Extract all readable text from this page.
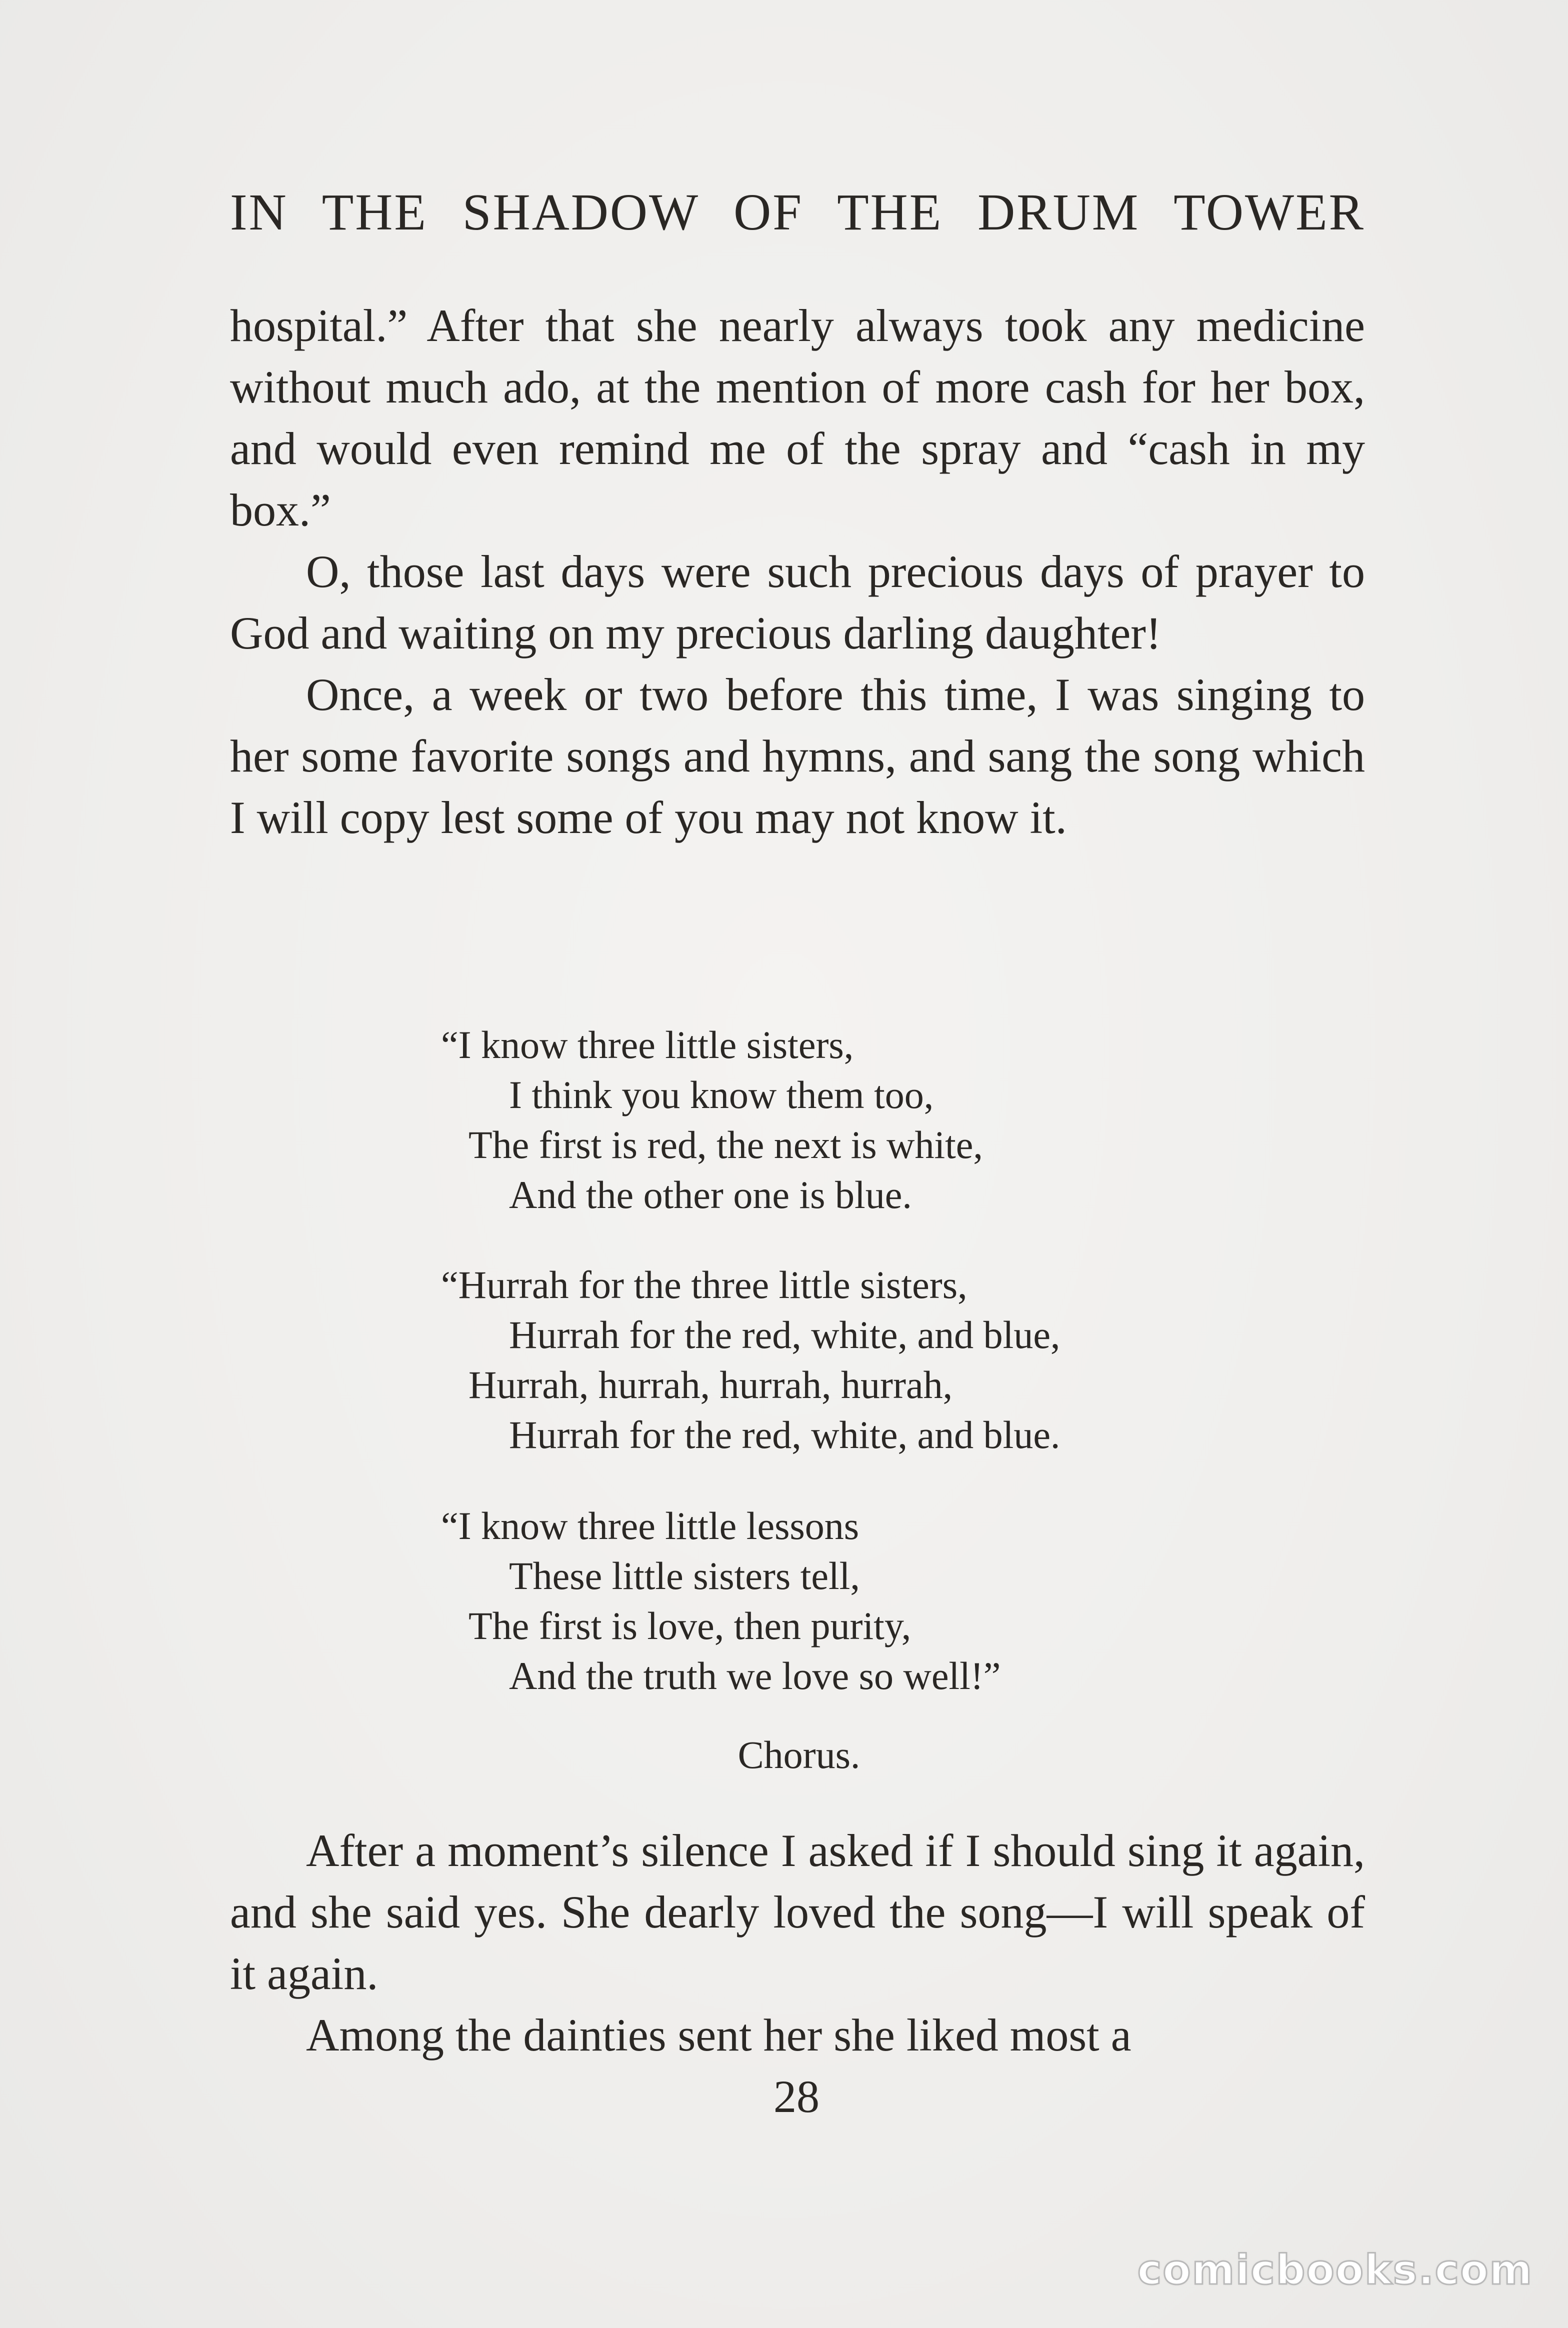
IN THE SHADOW OF THE DRUM TOWER

hospital.” After that she nearly always took any medicine without much ado, at the mention of more cash for her box, and would even remind me of the spray and “cash in my box.”

O, those last days were such precious days of prayer to God and waiting on my precious darling daughter!

Once, a week or two before this time, I was singing to her some favorite songs and hymns, and sang the song which I will copy lest some of you may not know it.

“I know three little sisters,
I think you know them too,
The first is red, the next is white,
And the other one is blue.
“Hurrah for the three little sisters,
Hurrah for the red, white, and blue,
Hurrah, hurrah, hurrah, hurrah,
Hurrah for the red, white, and blue.
“I know three little lessons
These little sisters tell,
The first is love, then purity,
And the truth we love so well!”
Chorus.

After a moment’s silence I asked if I should sing it again, and she said yes. She dearly loved the song—I will speak of it again.

Among the dainties sent her she liked most a

28
comicbooks.com
